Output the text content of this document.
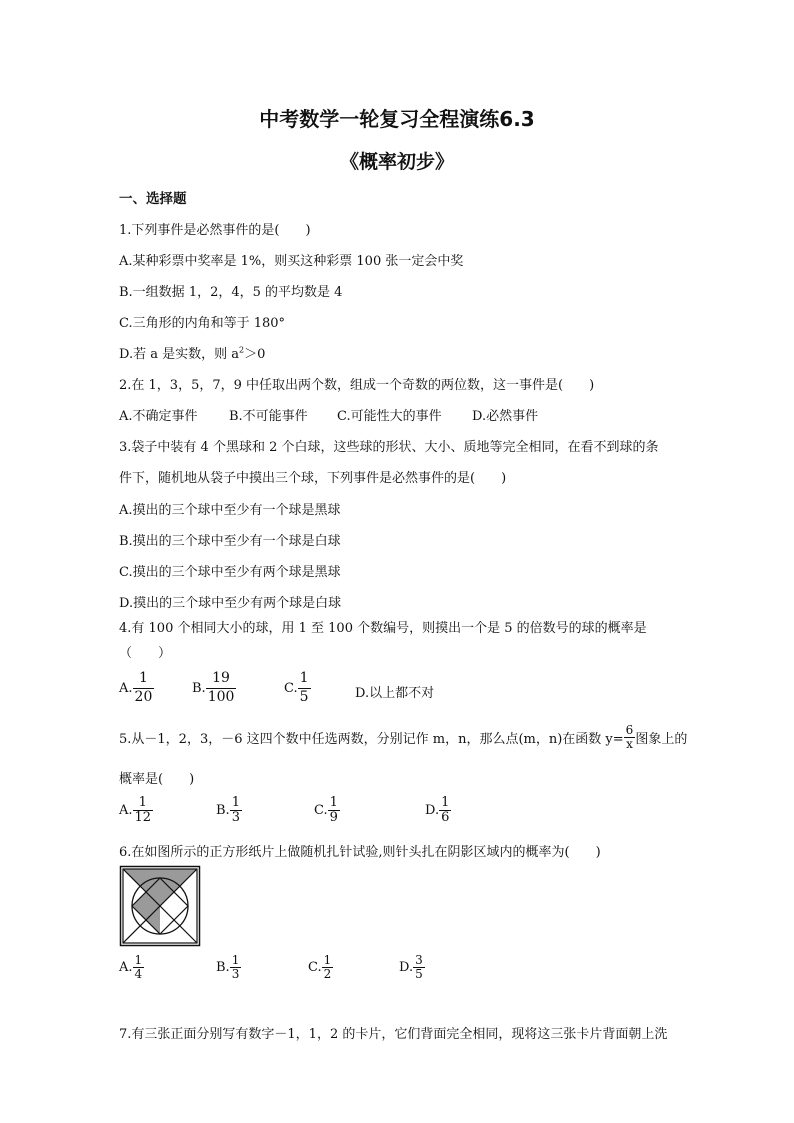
中考数学一轮复习全程演练6.3
《概率初步》
一、选择题
1.下列事件是必然事件的是(　　)
A.某种彩票中奖率是 1%，则买这种彩票 100 张一定会中奖
B.一组数据 1，2，4，5 的平均数是 4
C.三角形的内角和等于 180°
D.若 a 是实数，则 $a^2>0$
2.在 1，3，5，7，9 中任取出两个数，组成一个奇数的两位数，这一事件是(　　)
A.不确定事件 B.不可能事件 C.可能性大的事件 D.必然事件
3.袋子中装有 4 个黑球和 2 个白球，这些球的形状、大小、质地等完全相同，在看不到球的条
件下，随机地从袋子中摸出三个球，下列事件是必然事件的是(　　)
A.摸出的三个球中至少有一个球是黑球
B.摸出的三个球中至少有一个球是白球
C.摸出的三个球中至少有两个球是黑球
D.摸出的三个球中至少有两个球是白球
4.有 100 个相同大小的球，用 1 至 100 个数编号，则摸出一个是 5 的倍数号的球的概率是
（　　）
A. $\frac{1}{20}$	B. $\frac{19}{100}$	C. $\frac{1}{5}$	D.以上都不对
5.从－1，2，3，－6 这四个数中任选两数，分别记作 m，n，那么点(m，n)在函数 $y= \frac{6}{x}$ 图象上的
概率是(　　)
A. $\frac{1}{12}$	B. $\frac{1}{3}$	C. $\frac{1}{9}$	D. $\frac{1}{6}$
6.在如图所示的正方形纸片上做随机扎针试验,则针头扎在阴影区域内的概率为(　　)
A. $\frac{1}{4}$	B. $\frac{1}{3}$	C. $\frac{1}{2}$	D. $\frac{3}{5}$
7.有三张正面分别写有数字－1，1，2 的卡片，它们背面完全相同，现将这三张卡片背面朝上洗
